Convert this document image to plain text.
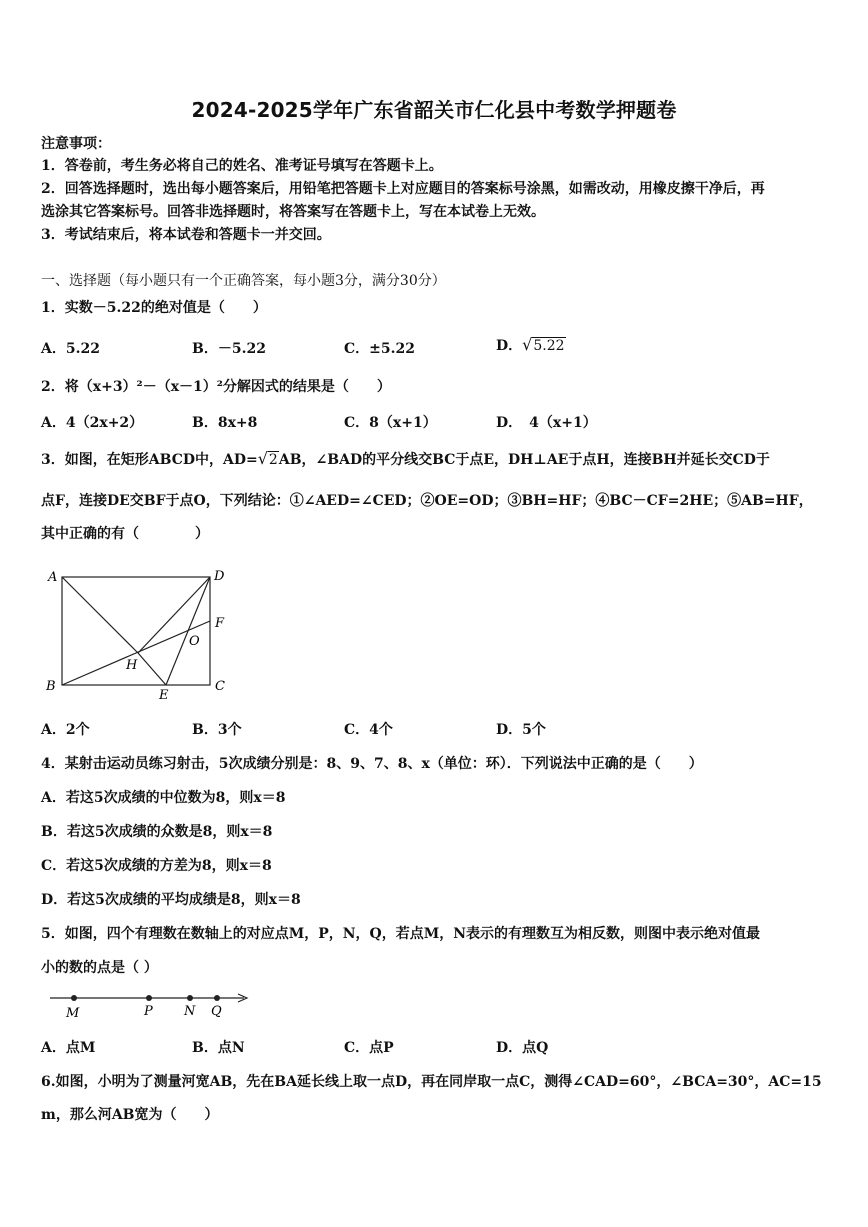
2024-2025学年广东省韶关市仁化县中考数学押题卷
注意事项：
1．答卷前，考生务必将自己的姓名、准考证号填写在答题卡上。
2．回答选择题时，选出每小题答案后，用铅笔把答题卡上对应题目的答案标号涂黑，如需改动，用橡皮擦干净后，再
选涂其它答案标号。回答非选择题时，将答案写在答题卡上，写在本试卷上无效。
3．考试结束后，将本试卷和答题卡一并交回。
一、选择题（每小题只有一个正确答案，每小题3分，满分30分）
1．实数－5.22的绝对值是（　　）
A．5.22	B．－5.22	C．±5.22	D．√5.22
2．将（x+3）²－（x－1）²分解因式的结果是（　　）
A．4（2x+2）	B．8x+8	C．8（x+1）	D．　4（x+1）
3．如图，在矩形ABCD中，AD=√2AB，∠BAD的平分线交BC于点E，DH⊥AE于点H，连接BH并延长交CD于
点F，连接DE交BF于点O，下列结论：①∠AED=∠CED；②OE=OD；③BH=HF；④BC－CF=2HE；⑤AB=HF，
其中正确的有（　　　　）
A	D
F
O
H
B	C
E
A．2个	B．3个	C．4个	D．5个
4．某射击运动员练习射击，5次成绩分别是：8、9、7、8、x（单位：环）．下列说法中正确的是（　　）
A．若这5次成绩的中位数为8，则x＝8
B．若这5次成绩的众数是8，则x＝8
C．若这5次成绩的方差为8，则x＝8
D．若这5次成绩的平均成绩是8，则x＝8
5．如图，四个有理数在数轴上的对应点M，P，N，Q，若点M，N表示的有理数互为相反数，则图中表示绝对值最
小的数的点是（ ）
M	P N Q
A．点M	B．点N	C．点P	D．点Q
6.如图，小明为了测量河宽AB，先在BA延长线上取一点D，再在同岸取一点C，测得∠CAD=60°，∠BCA=30°，AC=15
m，那么河AB宽为（　　）
